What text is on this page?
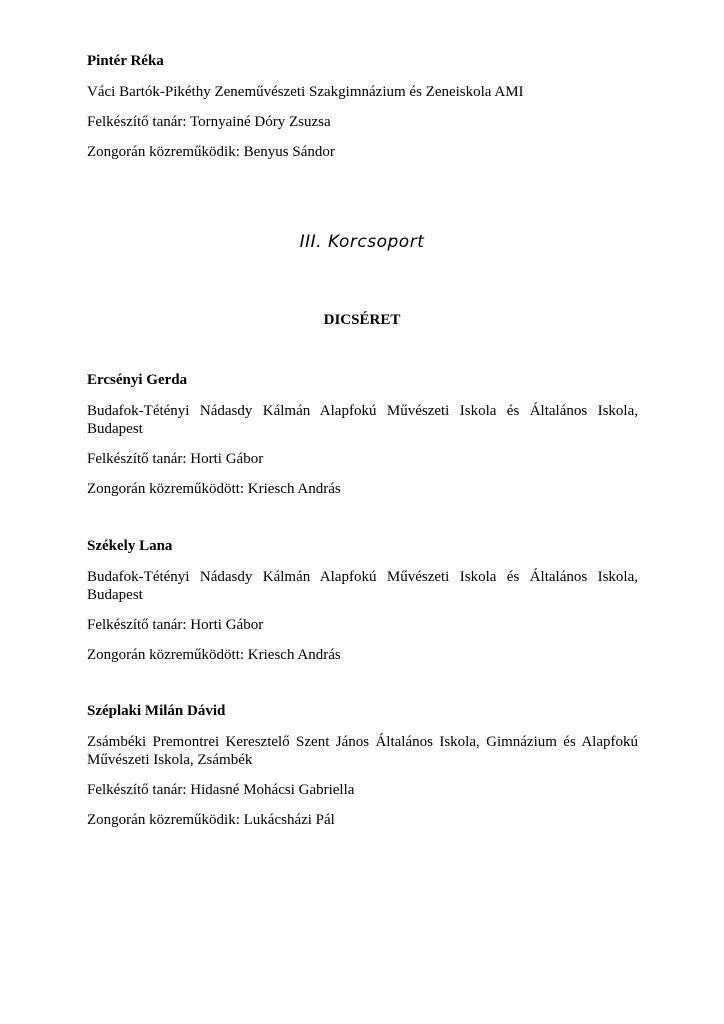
Pintér Réka

Váci Bartók-Pikéthy Zeneművészeti Szakgimnázium és Zeneiskola AMI

Felkészítő tanár: Tornyainé Dóry Zsuzsa

Zongorán közreműködik: Benyus Sándor

III. Korcsoport
DICSÉRET

Ercsényi Gerda

Budafok-Tétényi Nádasdy Kálmán Alapfokú Művészeti Iskola és Általános Iskola, Budapest

Felkészítő tanár: Horti Gábor

Zongorán közreműködött: Kriesch András

Székely Lana

Budafok-Tétényi Nádasdy Kálmán Alapfokú Művészeti Iskola és Általános Iskola, Budapest

Felkészítő tanár: Horti Gábor

Zongorán közreműködött: Kriesch András

Széplaki Milán Dávid

Zsámbéki Premontrei Keresztelő Szent János Általános Iskola, Gimnázium és Alapfokú Művészeti Iskola, Zsámbék

Felkészítő tanár: Hidasné Mohácsi Gabriella

Zongorán közreműködik: Lukácsházi Pál
